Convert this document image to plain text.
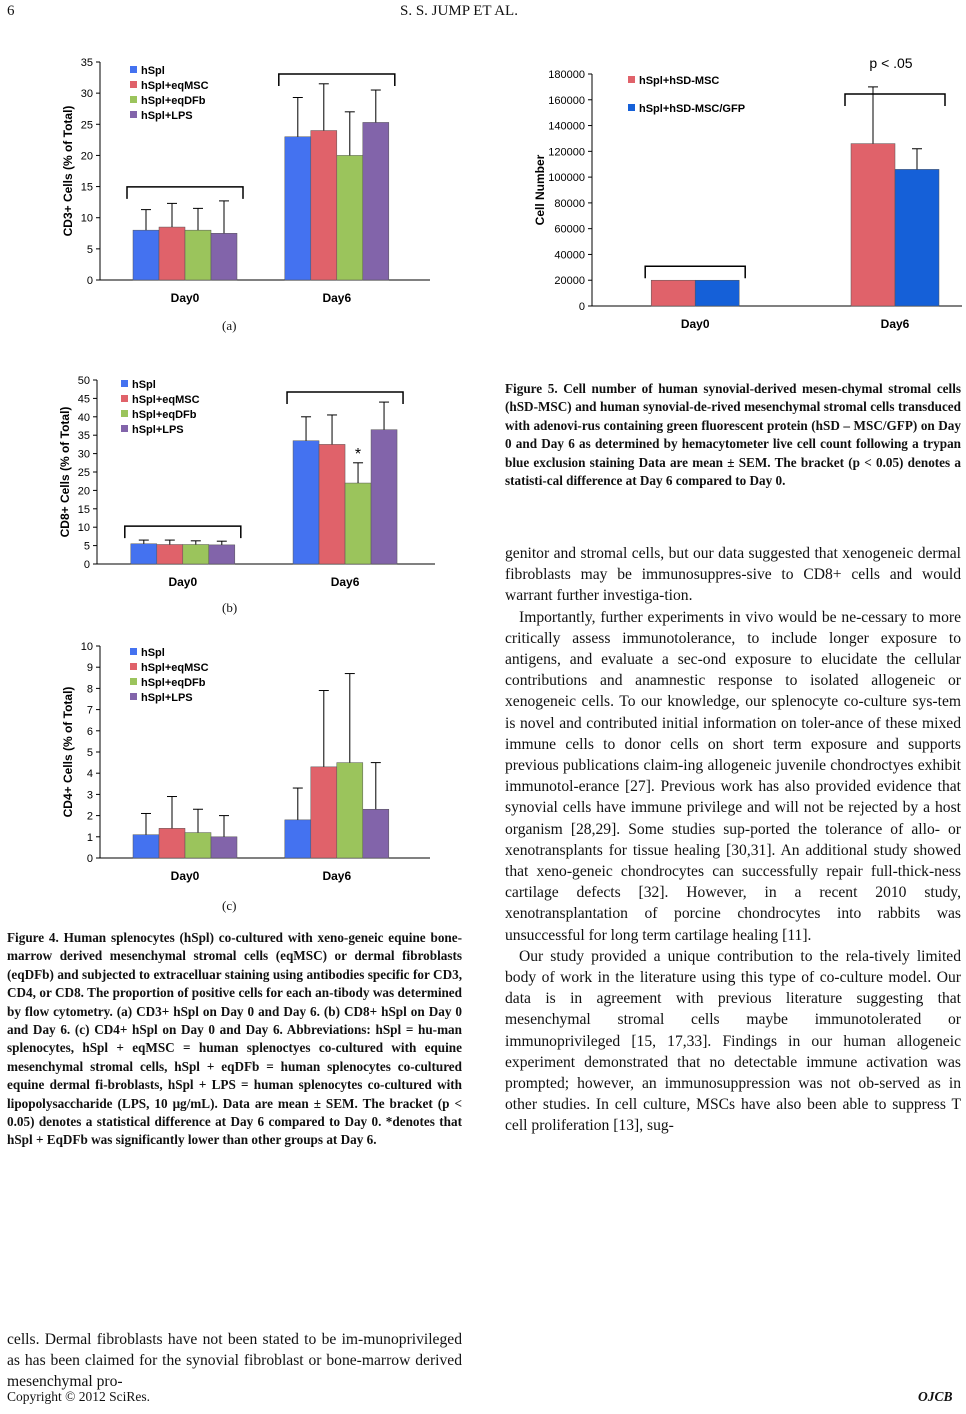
6	S. S. JUMP ET AL.
0
5
10
15
20
25
30
35
CD3+ Cells (% of Total)
Day0	Day6
hSpl
hSpl+eqMSC
hSpl+eqDFb
hSpl+LPS
(a)
0
5
10
15
20
25
30
35
40
45
50
CD8+ Cells (% of Total)
Day0	Day6
*
hSpl
hSpl+eqMSC
hSpl+eqDFb
hSpl+LPS
(b)
0
1
2
3
4
5
6
7
8
9
10
CD4+ Cells (% of Total)
Day0	Day6
hSpl
hSpl+eqMSC
hSpl+eqDFb
hSpl+LPS
(c)
Figure 4. Human splenocytes (hSpl) co-cultured with xeno-geneic equine bone-marrow derived mesenchymal stromal cells (eqMSC) or dermal fibroblasts (eqDFb) and subjected to extracelluar staining using antibodies specific for CD3, CD4, or CD8. The proportion of positive cells for each an-tibody was determined by flow cytometry. (a) CD3+ hSpl on Day 0 and Day 6. (b) CD8+ hSpl on Day 0 and Day 6. (c) CD4+ hSpl on Day 0 and Day 6. Abbreviations: hSpl = hu-man splenocytes, hSpl + eqMSC = human splenoctyes co-cultured with equine mesenchymal stromal cells, hSpl + eqDFb = human splenocytes co-cultured equine dermal fi-broblasts, hSpl + LPS = human splenocytes co-cultured with lipopolysaccharide (LPS, 10 μg/mL). Data are mean ± SEM. The bracket (p < 0.05) denotes a statistical difference at Day 6 compared to Day 0. *denotes that hSpl + EqDFb was significantly lower than other groups at Day 6.

cells. Dermal fibroblasts have not been stated to be im-munoprivileged as has been claimed for the synovial fibroblast or bone-marrow derived mesenchymal pro-

0
20000
40000
60000
80000
100000
120000
140000
160000
180000
Cell Number
Day0	Day6
hSpl+hSD-MSC
hSpl+hSD-MSC/GFP
p < .05
Figure 5. Cell number of human synovial-derived mesen-chymal stromal cells (hSD-MSC) and human synovial-de-rived mesenchymal stromal cells transduced with adenovi-rus containing green fluorescent protein (hSD – MSC/GFP) on Day 0 and Day 6 as determined by hemacytometer live cell count following a trypan blue exclusion staining Data are mean ± SEM. The bracket (p < 0.05) denotes a statisti-cal difference at Day 6 compared to Day 0.

genitor and stromal cells, but our data suggested that xenogeneic dermal fibroblasts may be immunosuppres-sive to CD8+ cells and would warrant further investiga-tion.

Importantly, further experiments in vivo would be ne-cessary to more critically assess immunotolerance, to include longer exposure to antigens, and evaluate a sec-ond exposure to elucidate the cellular contributions and anamnestic response to isolated allogeneic or xenogeneic cells. To our knowledge, our splenocyte co-culture sys-tem is novel and contributed initial information on toler-ance of these mixed immune cells to donor cells on short term exposure and supports previous publications claim-ing allogeneic juvenile chondroctyes exhibit immunotol-erance [27]. Previous work has also provided evidence that synovial cells have immune privilege and will not be rejected by a host organism [28,29]. Some studies sup-ported the tolerance of allo- or xenotransplants for tissue healing [30,31]. An additional study showed that xeno-geneic chondrocytes can successfully repair full-thick-ness cartilage defects [32]. However, in a recent 2010 study, xenotransplantation of porcine chondrocytes into rabbits was unsuccessful for long term cartilage healing [11].

Our study provided a unique contribution to the rela-tively limited body of work in the literature using this type of co-culture model. Our data is in agreement with previous literature suggesting that mesenchymal stromal cells maybe immunotolerated or immunoprivileged [15, 17,33]. Findings in our human allogeneic experiment demonstrated that no detectable immune activation was prompted; however, an immunosuppression was not ob-served as in other studies. In cell culture, MSCs have also been able to suppress T cell proliferation [13], sug-

Copyright © 2012 SciRes.	OJCB
